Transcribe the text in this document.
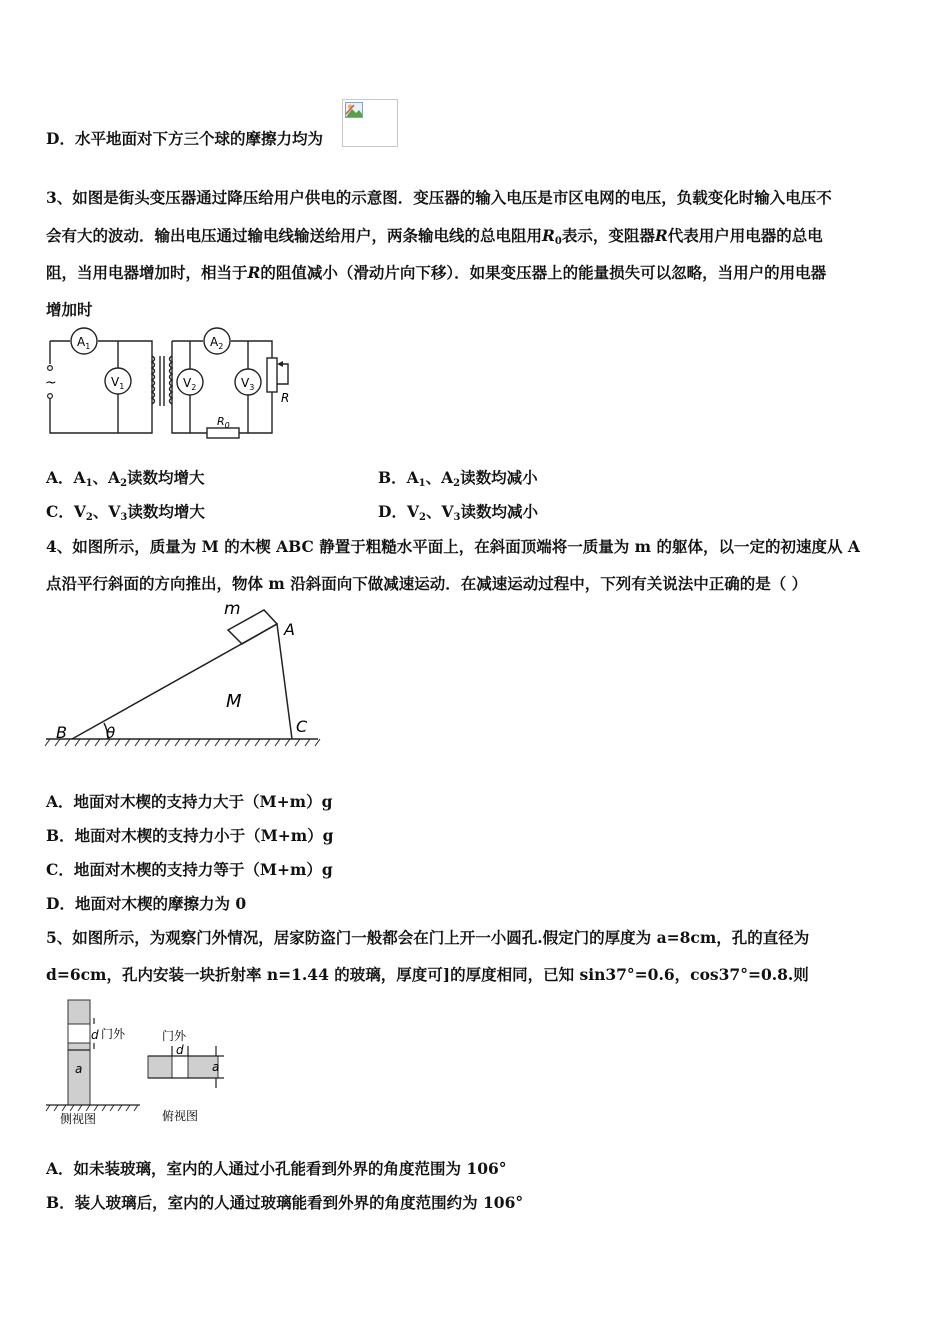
D．水平地面对下方三个球的摩擦力均为
3、如图是街头变压器通过降压给用户供电的示意图．变压器的输入电压是市区电网的电压，负载变化时输入电压不
会有大的波动．输出电压通过输电线输送给用户，两条输电线的总电阻用$R_0$表示，变阻器R代表用户用电器的总电
阻，当用电器增加时，相当于R的阻值减小（滑动片向下移）．如果变压器上的能量损失可以忽略，当用户的用电器
增加时
~
$A_1$
$V_1$
$A_2$
$V_2$	$V_3$
$R_0$
R
A．$A_1$、$A_2$读数均增大	B．$A_1$、$A_2$读数均减小
C．$V_2$、$V_3$读数均增大	D．$V_2$、$V_3$读数均减小
4、如图所示，质量为 M 的木楔 ABC 静置于粗糙水平面上，在斜面顶端将一质量为 m 的躯体，以一定的初速度从 A
点沿平行斜面的方向推出，物体 m 沿斜面向下做减速运动．在减速运动过程中，下列有关说法中正确的是（ ）
m
A
M
B	θ	C
A．地面对木楔的支持力大于（M+m）g
B．地面对木楔的支持力小于（M+m）g
C．地面对木楔的支持力等于（M+m）g
D．地面对木楔的摩擦力为 0
5、如图所示，为观察门外情况，居家防盗门一般都会在门上开一小圆孔.假定门的厚度为 a=8cm，孔的直径为
d=6cm，孔内安装一块折射率 n=1.44 的玻璃，厚度可]的厚度相同，已知 sin37°=0.6，cos37°=0.8.则
d 门外
a
侧视图
门外
d
a
俯视图
A．如未装玻璃，室内的人通过小孔能看到外界的角度范围为 106°
B．装人玻璃后，室内的人通过玻璃能看到外界的角度范围约为 106°
